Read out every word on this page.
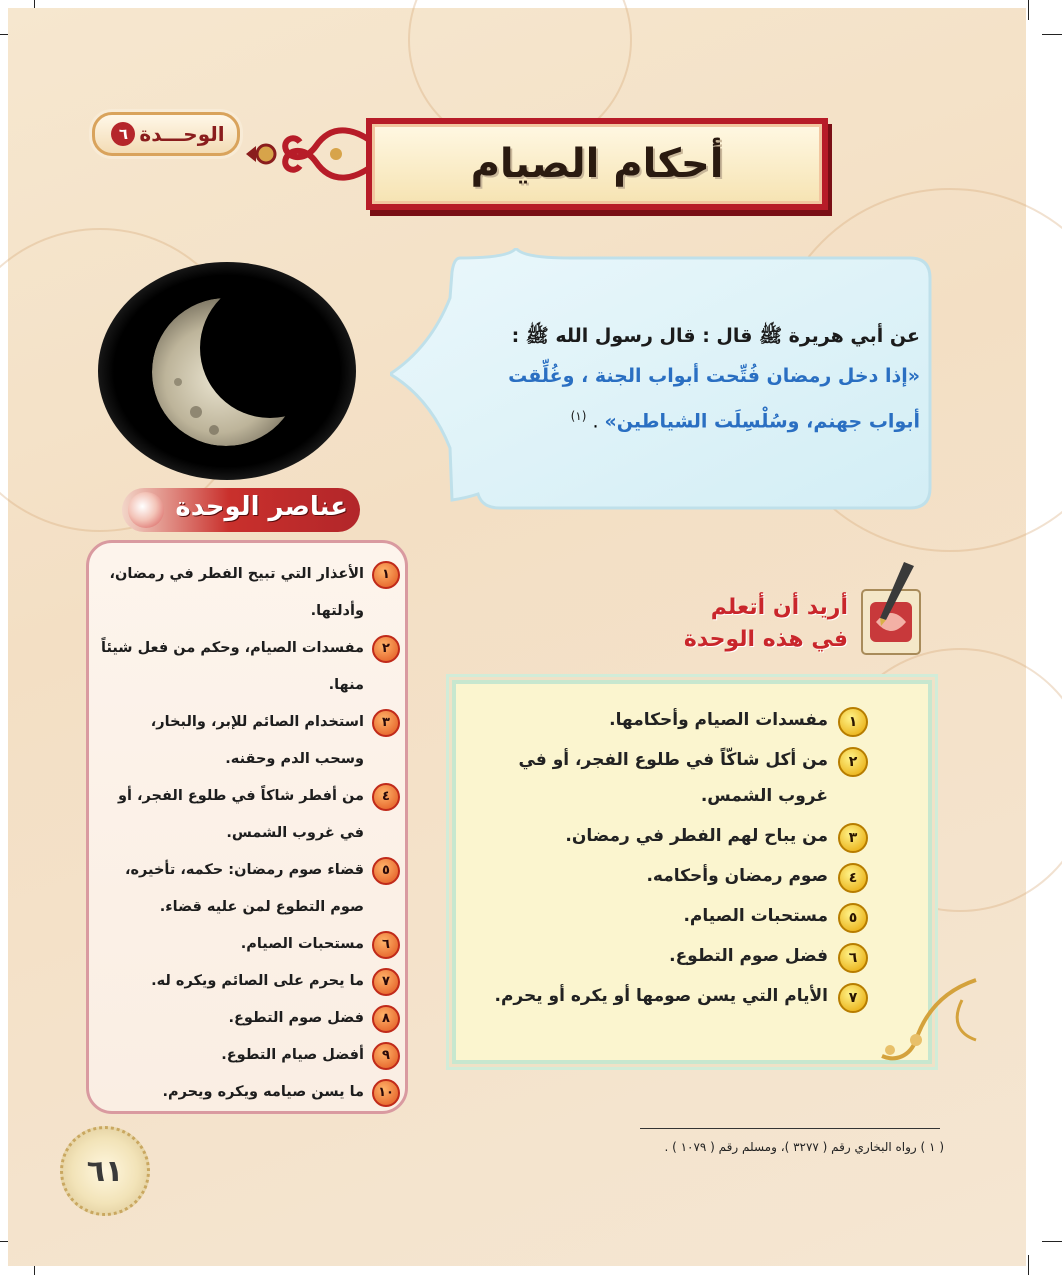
الوحـــدة
٦
أحكام الصيام
عن أبي هريرة ﷺ قال : قال رسول الله ﷺ :
«إذا دخل رمضان فُتِّحت أبواب الجنة ، وغُلِّقت أبواب جهنم، وسُلْسِلَت الشياطين» . $^{(١)}$
عناصر الوحدة
١
الأعذار التي تبيح الفطر في رمضان، وأدلتها.
٢
مفسدات الصيام، وحكم من فعل شيئاً منها.
٣
استخدام الصائم للإبر، والبخار، وسحب الدم وحقنه.
٤
من أفطر شاكاً في طلوع الفجر، أو في غروب الشمس.
٥
قضاء صوم رمضان: حكمه، تأخيره، صوم التطوع لمن عليه قضاء.
٦
مستحبات الصيام.
٧
ما يحرم على الصائم ويكره له.
٨
فضل صوم التطوع.
٩
أفضل صيام التطوع.
١٠
ما يسن صيامه ويكره ويحرم.
أريد أن أتعلم
في هذه الوحدة
١
مفسدات الصيام وأحكامها.
٢
من أكل شاكّاً في طلوع الفجر، أو في غروب الشمس.
٣
من يباح لهم الفطر في رمضان.
٤
صوم رمضان وأحكامه.
٥
مستحبات الصيام.
٦
فضل صوم التطوع.
٧
الأيام التي يسن صومها أو يكره أو يحرم.
( ١ ) رواه البخاري رقم ( ٣٢٧٧ )، ومسلم رقم ( ١٠٧٩ ) .
٦١
